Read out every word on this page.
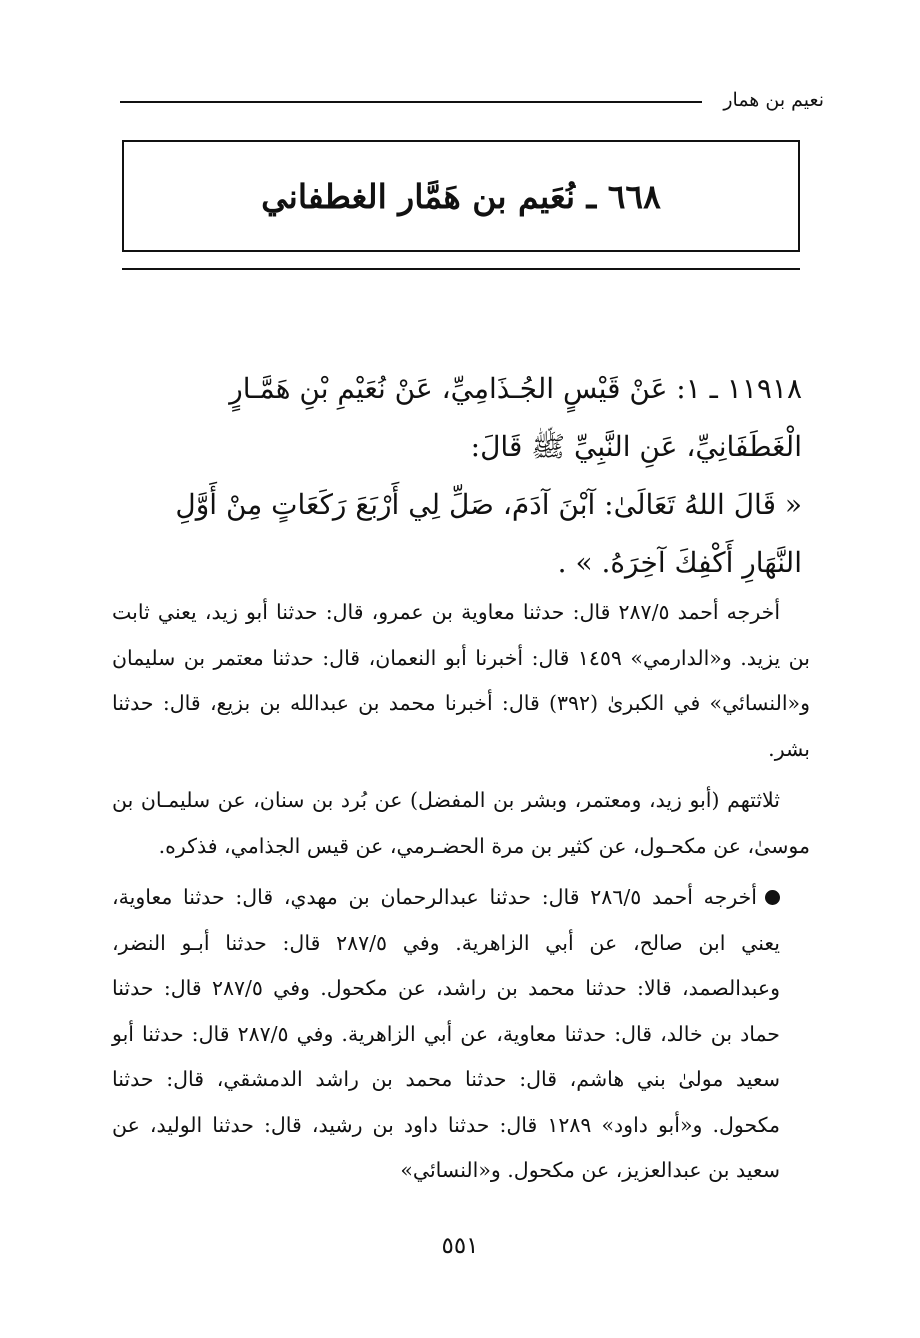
نعيم بن همار
٦٦٨ ـ نُعَيم بن هَمَّار الغطفاني
١١٩١٨ ـ ١: عَنْ قَيْسٍ الجُـذَامِيِّ، عَنْ نُعَيْمِ بْنِ هَمَّـارٍ
الْغَطَفَانِيِّ، عَنِ النَّبِيِّ ﷺ قَالَ:
« قَالَ اللهُ تَعَالَىٰ: آبْنَ آدَمَ، صَلِّ لِي أَرْبَعَ رَكَعَاتٍ مِنْ أَوَّلِ
النَّهَارِ أَكْفِكَ آخِرَهُ. » .

أخرجه أحمد ٢٨٧/٥ قال: حدثنا معاوية بن عمرو، قال: حدثنا أبو زيد، يعني ثابت بن يزيد. و«الدارمي» ١٤٥٩ قال: أخبرنا أبو النعمان، قال: حدثنا معتمر بن سليمان و«النسائي» في الكبرىٰ (٣٩٢) قال: أخبرنا محمد بن عبدالله بن بزيع، قال: حدثنا بشر.

ثلاثتهم (أبو زيد، ومعتمر، وبشر بن المفضل) عن بُرد بن سنان، عن سليمـان بن موسىٰ، عن مكحـول، عن كثير بن مرة الحضـرمي، عن قيس الجذامي، فذكره.

أخرجه أحمد ٢٨٦/٥ قال: حدثنا عبدالرحمان بن مهدي، قال: حدثنا معاوية، يعني ابن صالح، عن أبي الزاهرية. وفي ٢٨٧/٥ قال: حدثنا أبـو النضر، وعبدالصمد، قالا: حدثنا محمد بن راشد، عن مكحول. وفي ٢٨٧/٥ قال: حدثنا حماد بن خالد، قال: حدثنا معاوية، عن أبي الزاهرية. وفي ٢٨٧/٥ قال: حدثنا أبو سعيد مولىٰ بني هاشم، قال: حدثنا محمد بن راشد الدمشقي، قال: حدثنا مكحول. و«أبو داود» ١٢٨٩ قال: حدثنا داود بن رشيد، قال: حدثنا الوليد، عن سعيد بن عبدالعزيز، عن مكحول. و«النسائي»

٥٥١
